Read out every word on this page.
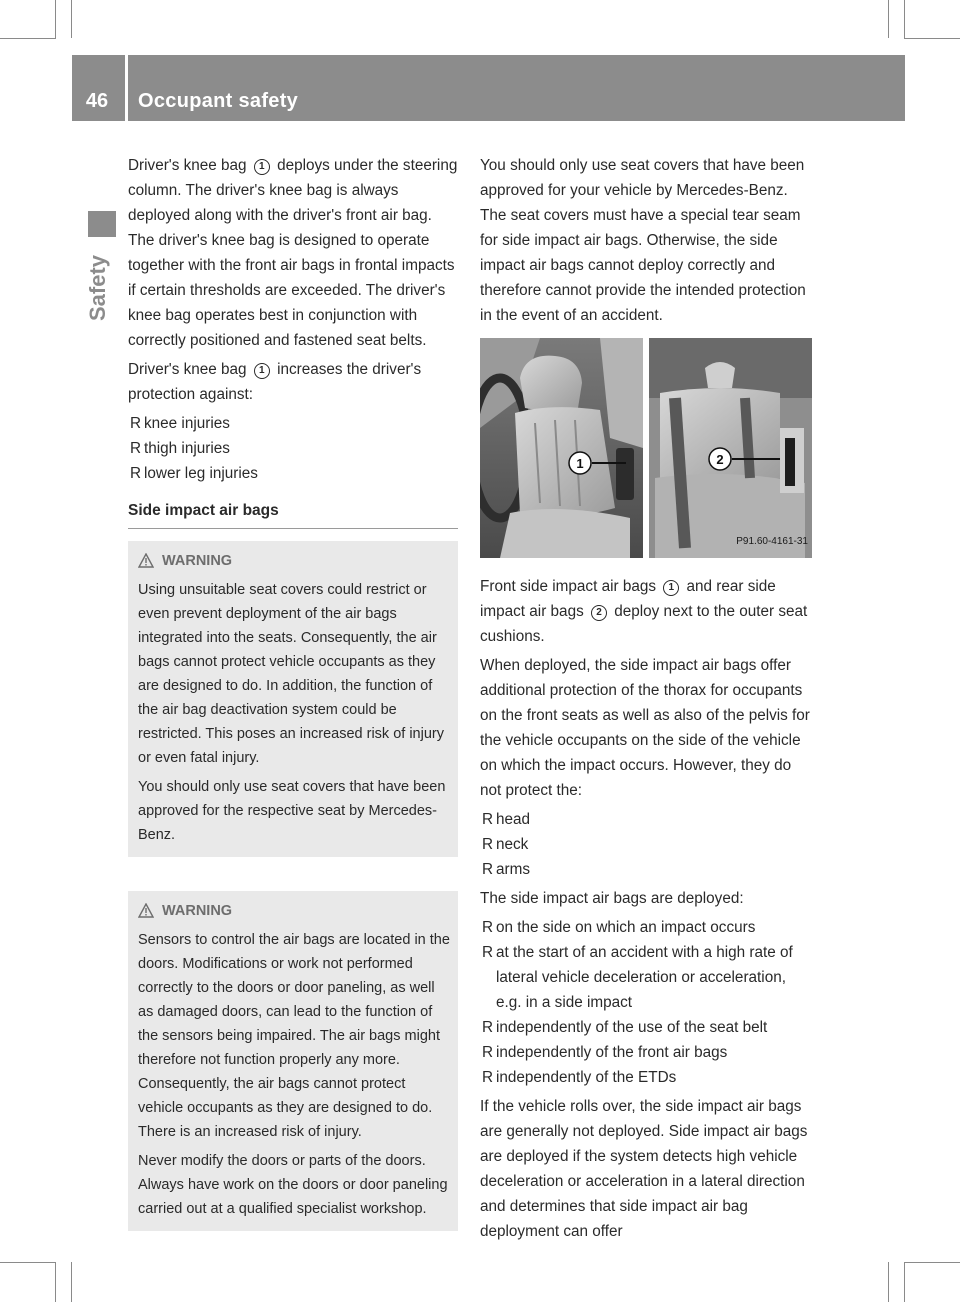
46	Occupant safety
Safety

Driver's knee bag 1 deploys under the steering column. The driver's knee bag is always deployed along with the driver's front air bag. The driver's knee bag is designed to operate together with the front air bags in frontal impacts if certain thresholds are exceeded. The driver's knee bag operates best in conjunction with correctly positioned and fastened seat belts.

Driver's knee bag 1 increases the driver's protection against:

R knee injuries
R thigh injuries
R lower leg injuries

Side impact air bags

WARNING

Using unsuitable seat covers could restrict or even prevent deployment of the air bags integrated into the seats. Consequently, the air bags cannot protect vehicle occupants as they are designed to do. In addition, the function of the air bag deactivation system could be restricted. This poses an increased risk of injury or even fatal injury.

You should only use seat covers that have been approved for the respective seat by Mercedes-Benz.

WARNING

Sensors to control the air bags are located in the doors. Modifications or work not performed correctly to the doors or door paneling, as well as damaged doors, can lead to the function of the sensors being impaired. The air bags might therefore not function properly any more. Consequently, the air bags cannot protect vehicle occupants as they are designed to do. There is an increased risk of injury.

Never modify the doors or parts of the doors. Always have work on the doors or door paneling carried out at a qualified specialist workshop.

You should only use seat covers that have been approved for your vehicle by Mercedes-Benz. The seat covers must have a special tear seam for side impact air bags. Otherwise, the side impact air bags cannot deploy correctly and therefore cannot provide the intended protection in the event of an accident.

1	2
P91.60-4161-31

Front side impact air bags 1 and rear side impact air bags 2 deploy next to the outer seat cushions.

When deployed, the side impact air bags offer additional protection of the thorax for occupants on the front seats as well as also of the pelvis for the vehicle occupants on the side of the vehicle on which the impact occurs. However, they do not protect the:

R head
R neck
R arms

The side impact air bags are deployed:

R on the side on which an impact occurs
R at the start of an accident with a high rate of lateral vehicle deceleration or acceleration, e.g. in a side impact
R independently of the use of the seat belt
R independently of the front air bags
R independently of the ETDs

If the vehicle rolls over, the side impact air bags are generally not deployed. Side impact air bags are deployed if the system detects high vehicle deceleration or acceleration in a lateral direction and determines that side impact air bag deployment can offer
